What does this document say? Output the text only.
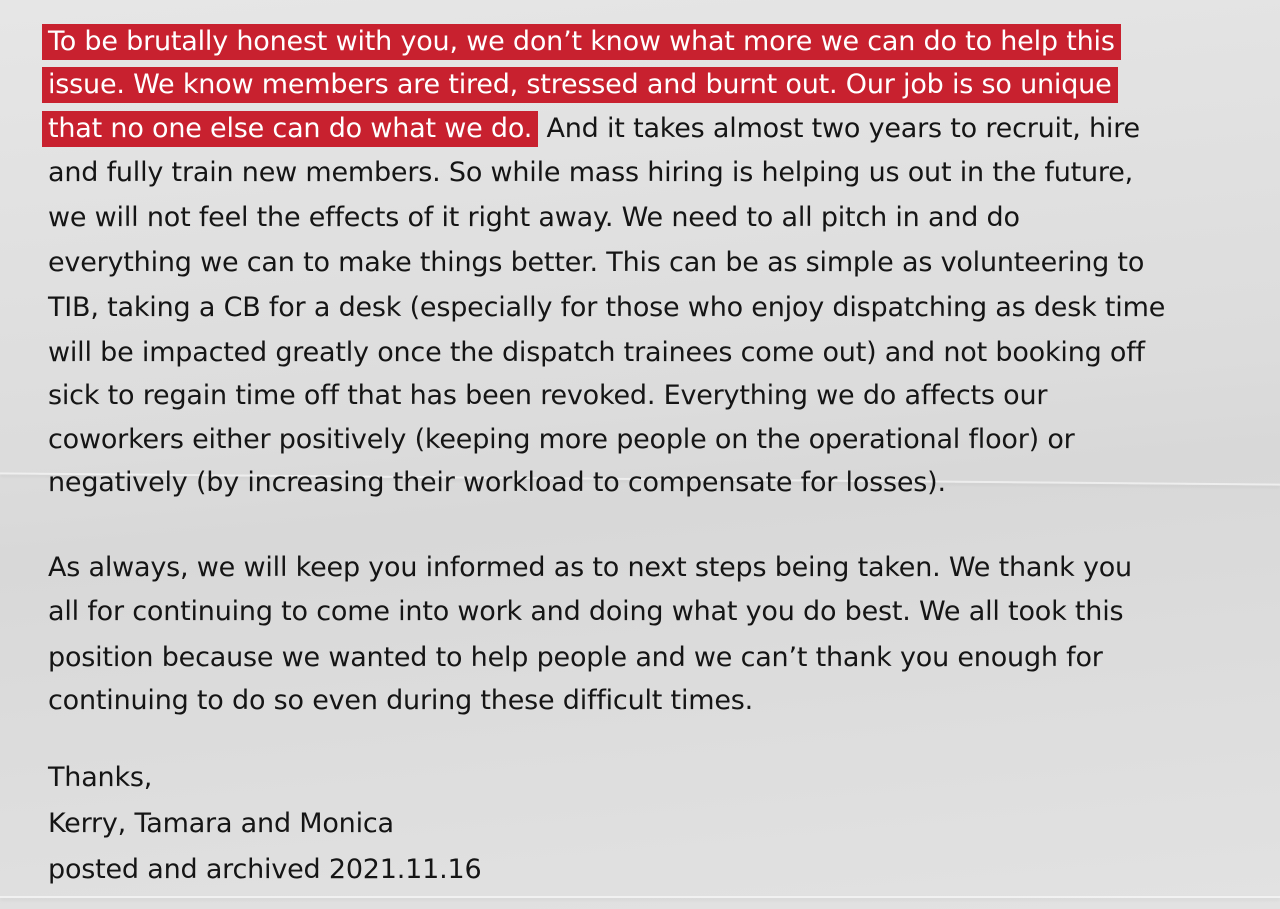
To be brutally honest with you, we don’t know what more we can do to help this
issue. We know members are tired, stressed and burnt out. Our job is so unique
that no one else can do what we do. And it takes almost two years to recruit, hire
and fully train new members. So while mass hiring is helping us out in the future,
we will not feel the effects of it right away. We need to all pitch in and do
everything we can to make things better. This can be as simple as volunteering to
TIB, taking a CB for a desk (especially for those who enjoy dispatching as desk time
will be impacted greatly once the dispatch trainees come out) and not booking off
sick to regain time off that has been revoked. Everything we do affects our
coworkers either positively (keeping more people on the operational floor) or
negatively (by increasing their workload to compensate for losses).
As always, we will keep you informed as to next steps being taken. We thank you
all for continuing to come into work and doing what you do best. We all took this
position because we wanted to help people and we can’t thank you enough for
continuing to do so even during these difficult times.
Thanks,
Kerry, Tamara and Monica
posted and archived 2021.11.16
